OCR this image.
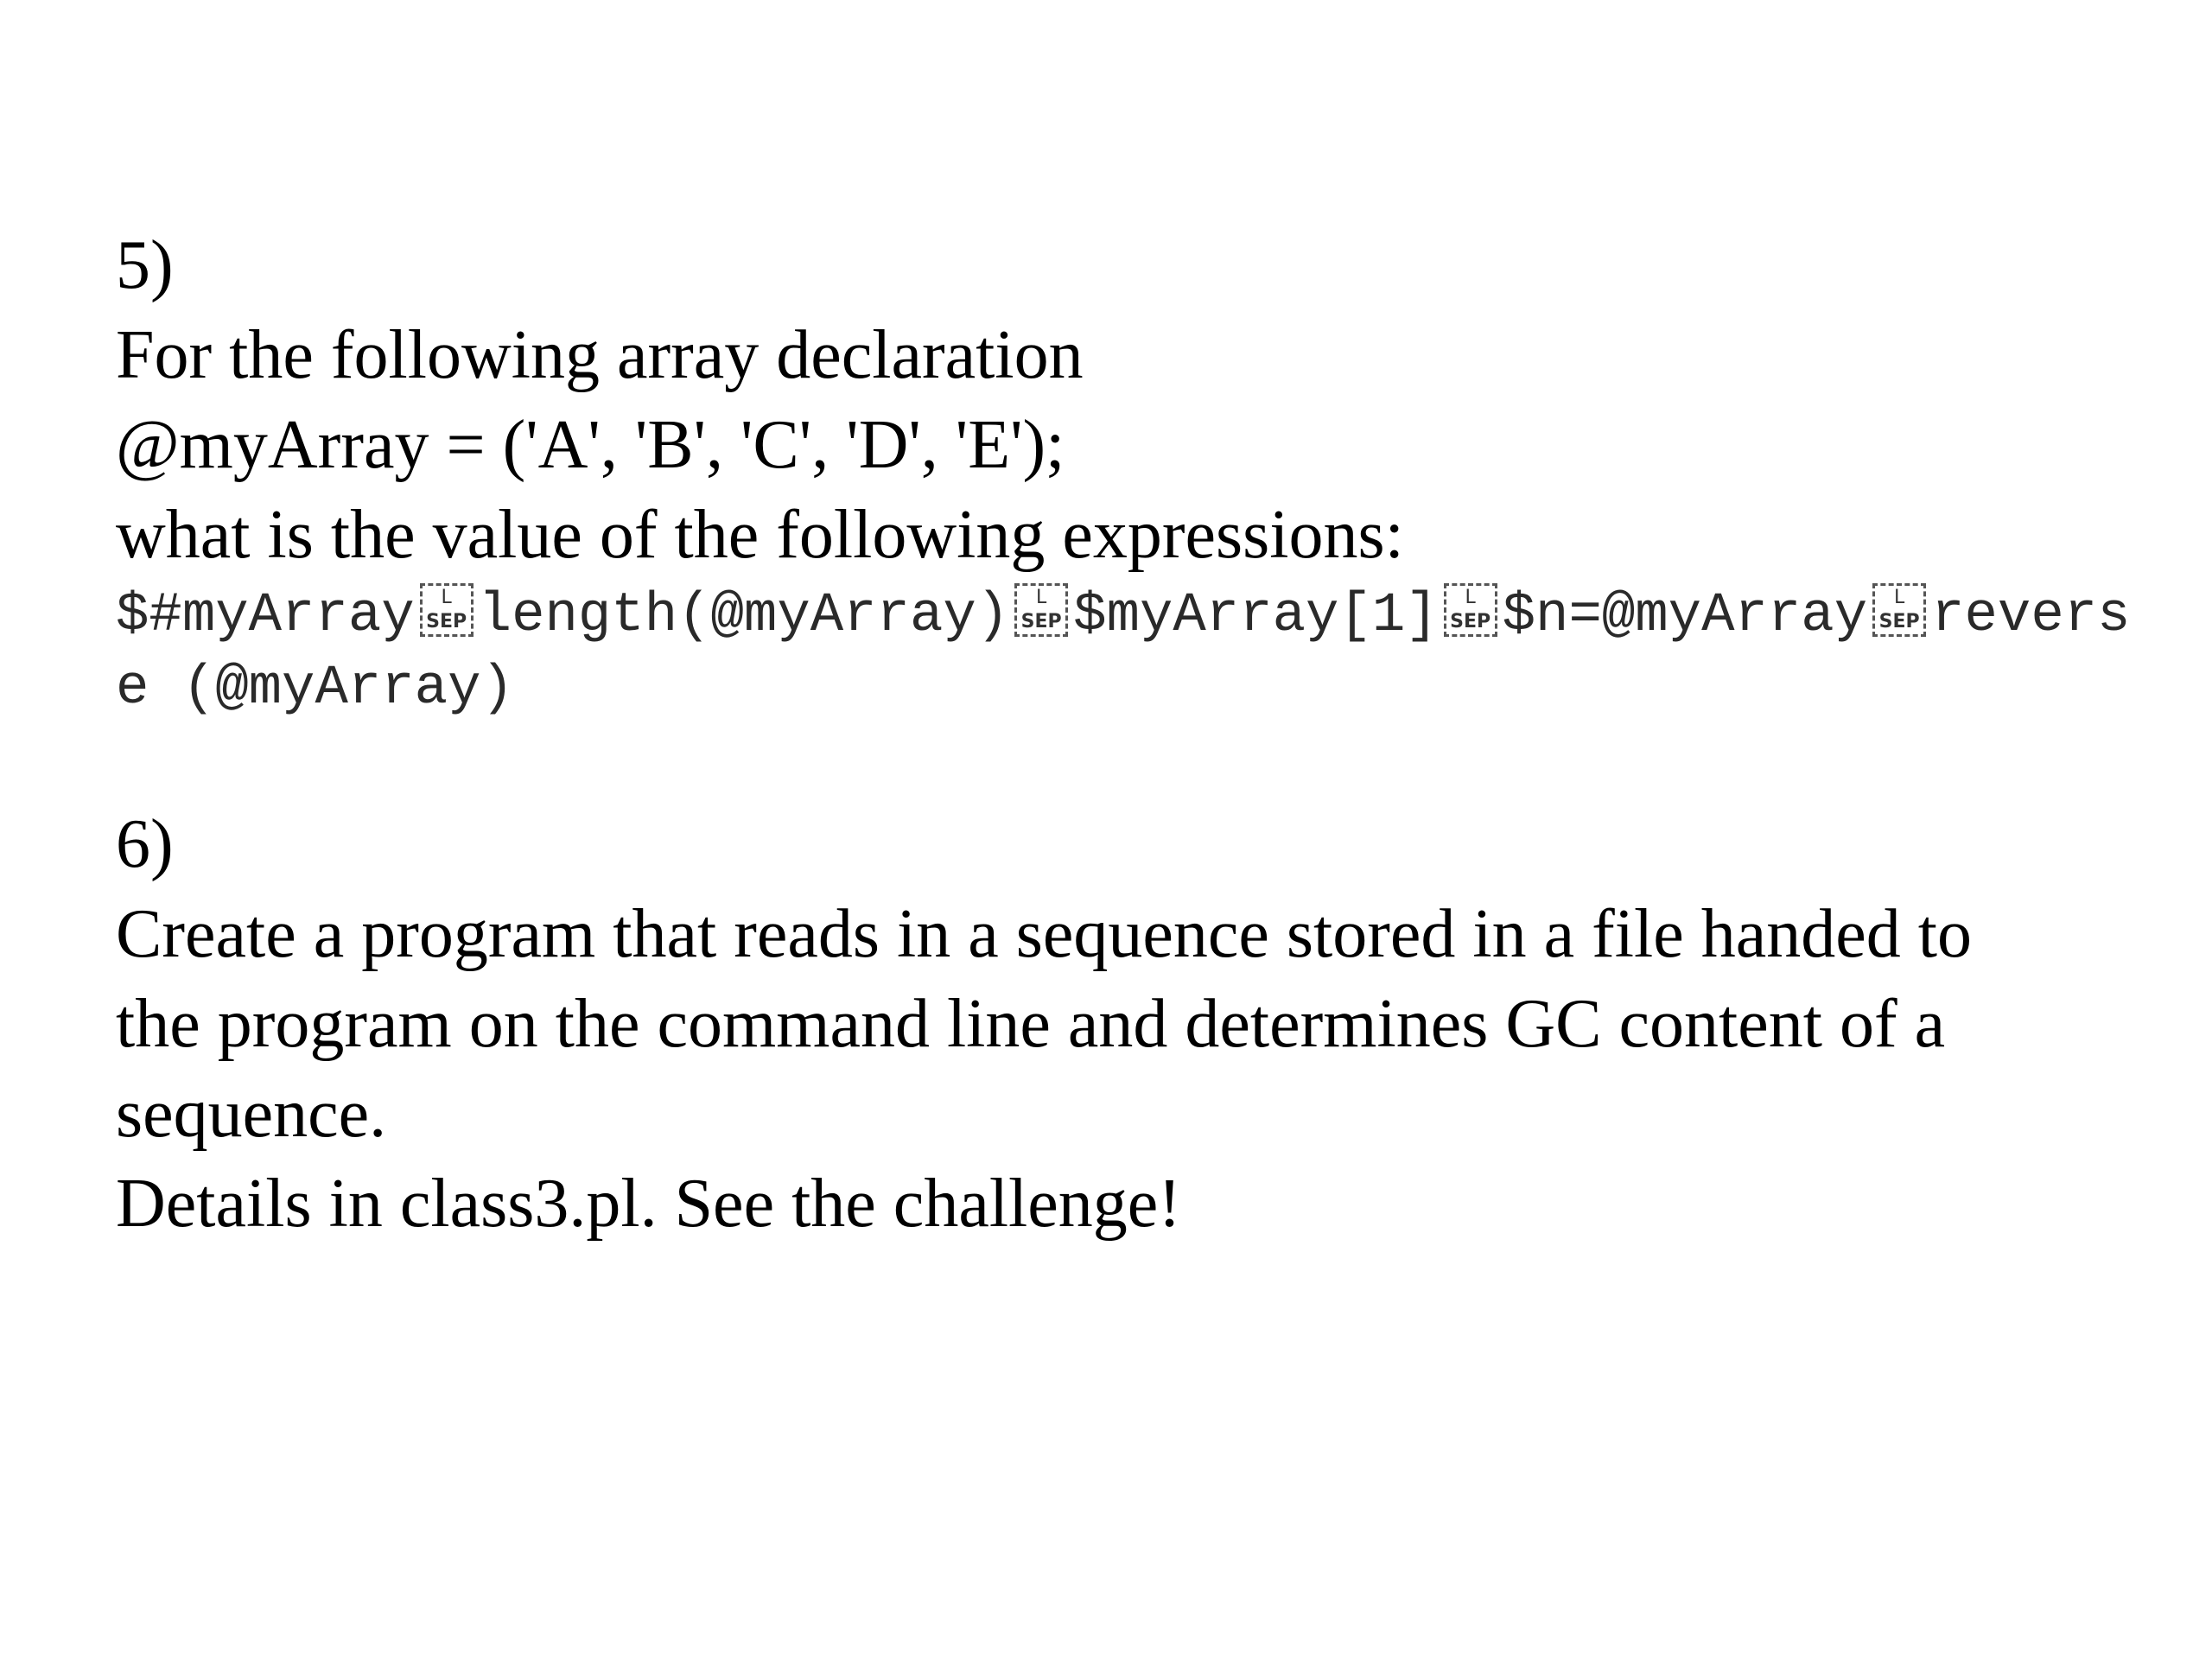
5)
For the following array declaration
@myArray = ('A', 'B', 'C', 'D', 'E');
what is the value of the following expressions:
$#myArray	L
SEP length(@myArray)	L
SEP $myArray[1]	L
SEP $n=@myArray	L
SEP reverse (@myArray)
6)
Create a program that reads in a sequence stored in a file handed to
the program on the command line and determines GC content of a
sequence.
Details in class3.pl. See the challenge!
